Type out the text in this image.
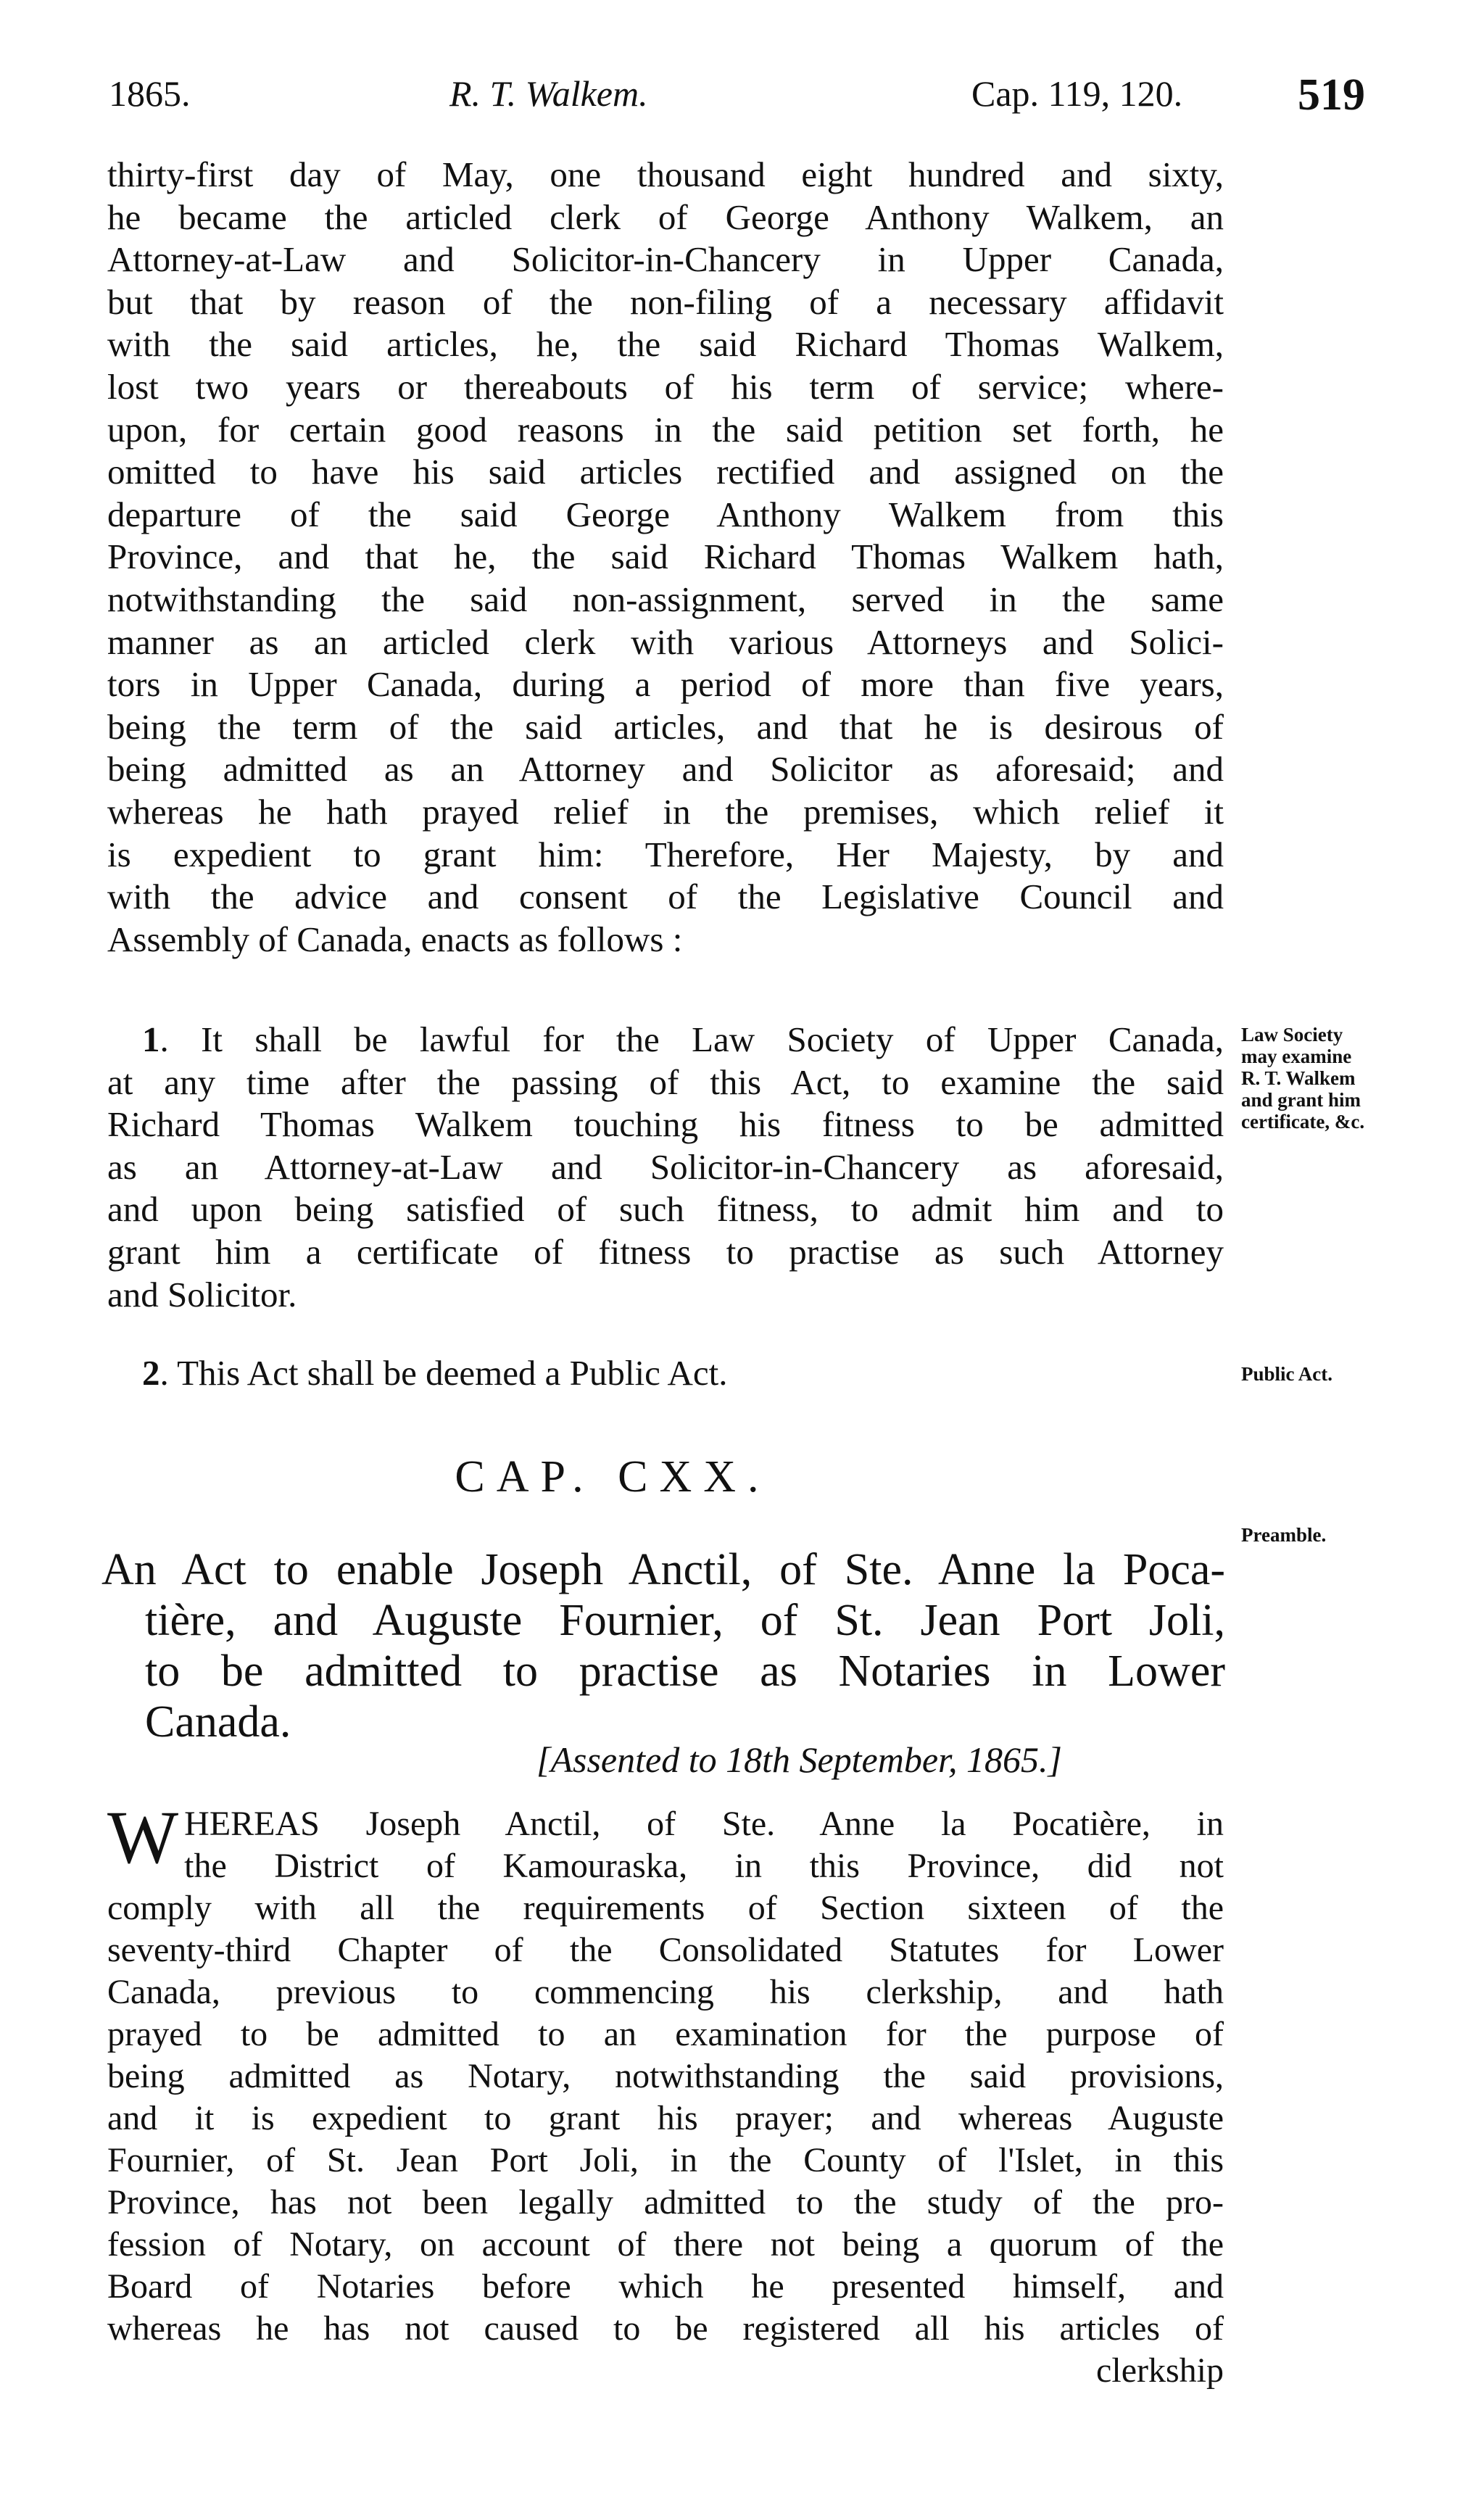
1865.	R. T. Walkem.	Cap. 119, 120.	519
thirty-first day of May, one thousand eight hundred and sixty,
he became the articled clerk of George Anthony Walkem, an
Attorney-at-Law and Solicitor-in-Chancery in Upper Canada,
but that by reason of the non-filing of a necessary affidavit
with the said articles, he, the said Richard Thomas Walkem,
lost two years or thereabouts of his term of service; where-
upon, for certain good reasons in the said petition set forth, he
omitted to have his said articles rectified and assigned on the
departure of the said George Anthony Walkem from this
Province, and that he, the said Richard Thomas Walkem hath,
notwithstanding the said non-assignment, served in the same
manner as an articled clerk with various Attorneys and Solici-
tors in Upper Canada, during a period of more than five years,
being the term of the said articles, and that he is desirous of
being admitted as an Attorney and Solicitor as aforesaid; and
whereas he hath prayed relief in the premises, which relief it
is expedient to grant him: Therefore, Her Majesty, by and
with the advice and consent of the Legislative Council and
Assembly of Canada, enacts as follows :
1. It shall be lawful for the Law Society of Upper Canada,
at any time after the passing of this Act, to examine the said
Richard Thomas Walkem touching his fitness to be admitted
as an Attorney-at-Law and Solicitor-in-Chancery as aforesaid,
and upon being satisfied of such fitness, to admit him and to
grant him a certificate of fitness to practise as such Attorney
and Solicitor.
Law Society
may examine
R. T. Walkem
and grant him
certificate, &c.
2. This Act shall be deemed a Public Act.	Public Act.
CAP. CXX.
An Act to enable Joseph Anctil, of Ste. Anne la Poca-
tière, and Auguste Fournier, of St. Jean Port Joli,
to be admitted to practise as Notaries in Lower
Canada.
[Assented to 18th September, 1865.]
W HEREAS Joseph Anctil, of Ste. Anne la Pocatière, in
the District of Kamouraska, in this Province, did not
comply with all the requirements of Section sixteen of the
seventy-third Chapter of the Consolidated Statutes for Lower
Canada, previous to commencing his clerkship, and hath
prayed to be admitted to an examination for the purpose of
being admitted as Notary, notwithstanding the said provisions,
and it is expedient to grant his prayer; and whereas Auguste
Fournier, of St. Jean Port Joli, in the County of l'Islet, in this
Province, has not been legally admitted to the study of the pro-
fession of Notary, on account of there not being a quorum of the
Board of Notaries before which he presented himself, and
whereas he has not caused to be registered all his articles of
clerkship
Preamble.
